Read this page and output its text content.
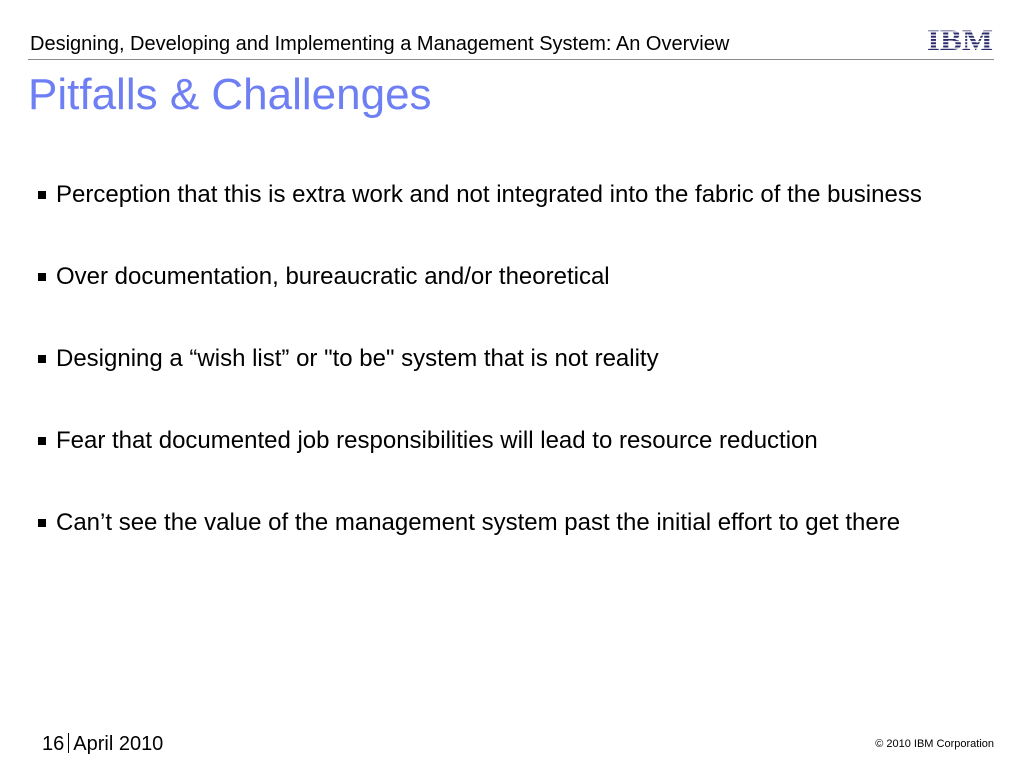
Designing, Developing and Implementing a Management System: An Overview	IBM
Pitfalls & Challenges
Perception that this is extra work and not integrated into the fabric of the business
Over documentation, bureaucratic and/or theoretical
Designing a “wish list” or "to be" system that is not reality
Fear that documented job responsibilities will lead to resource reduction
Can’t see the value of the management system past the initial effort to get there
16 April 2010	© 2010 IBM Corporation
